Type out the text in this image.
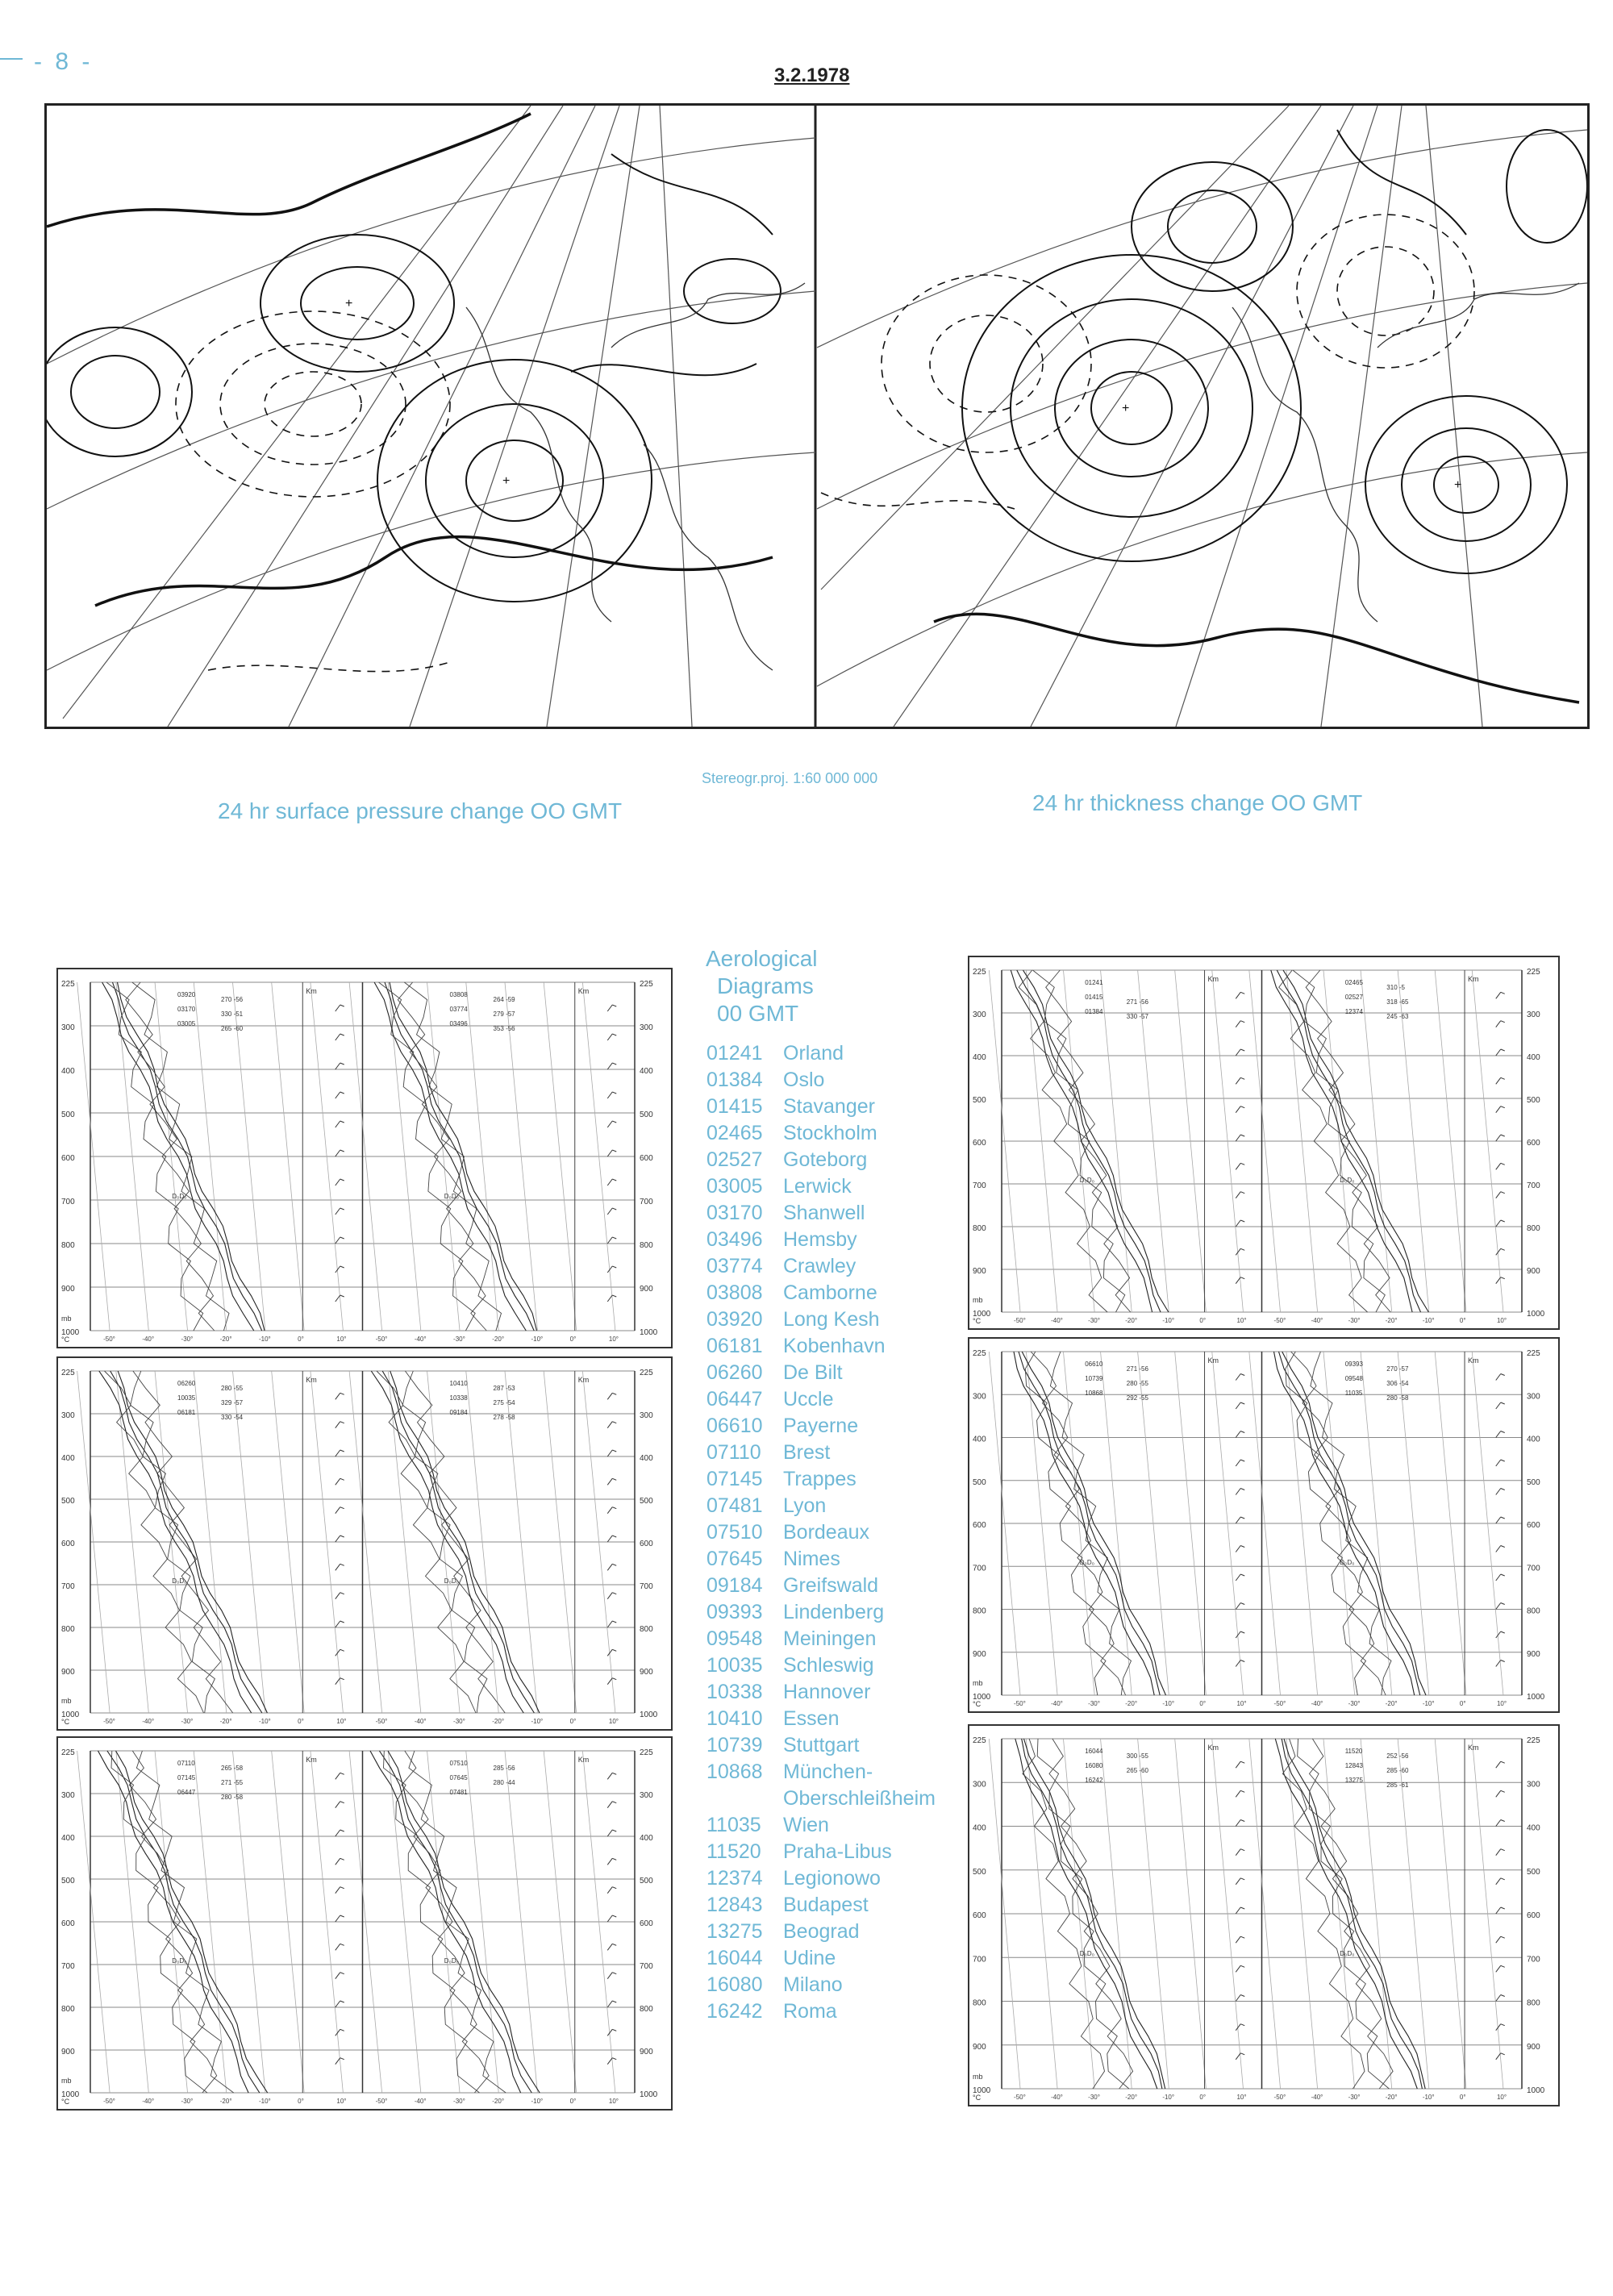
- 8 -
3.2.1978
+
+
+
+
24 hr surface pressure change OO GMT
Stereogr.proj. 1:60 000 000
24 hr thickness change OO GMT
225	225
300	300
400	400
500	500
600	600
700	700
800	800
900	900
1000	1000
-50°	-40°	-30°	-20°	-10°	0°	10°
Km
03920
270 -56
03170
330 -51
03005
265 -60
D₀D₀
-50°	-40°	-30°	-20°	-10°	0°	10°
Km
03808
264 -59
03774
279 -57
03496
353 -56
D₀D₀
mb
°C
225	225
300	300
400	400
500	500
600	600
700	700
800	800
900	900
1000	1000
-50°	-40°	-30°	-20°	-10°	0°	10°
Km
06260
280 -55
10035
329 -57
06181
330 -54
D₀D₀
-50°	-40°	-30°	-20°	-10°	0°	10°
Km
10410
287 -53
10338
275 -54
09184
278 -58
D₀D₀
mb
°C
225	225
300	300
400	400
500	500
600	600
700	700
800	800
900	900
1000	1000
-50°	-40°	-30°	-20°	-10°	0°	10°
Km
07110
265 -58
07145
271 -55
06447
280 -58
D₀D₀
-50°	-40°	-30°	-20°	-10°	0°	10°
Km
07510
285 -56
07645
280 -44
07481
D₀D₀
mb
°C
225	225
300	300
400	400
500	500
600	600
700	700
800	800
900	900
1000	1000
-50°	-40°	-30°	-20°	-10°	0°	10°
Km
01241
01415
271 -56
01384
330 -57
D₀D₀
-50°	-40°	-30°	-20°	-10°	0°	10°
Km
02465
310 -5
02527
318 -65
12374
245 -63
D₀D₀
mb
°C
225	225
300	300
400	400
500	500
600	600
700	700
800	800
900	900
1000	1000
-50°	-40°	-30°	-20°	-10°	0°	10°
Km
06610
271 -56
10739
280 -55
10868
292 -55
D₀D₀
-50°	-40°	-30°	-20°	-10°	0°	10°
Km
09393
270 -57
09548
306 -54
11035
280 -58
D₀D₀
mb
°C
225	225
300	300
400	400
500	500
600	600
700	700
800	800
900	900
1000	1000
-50°	-40°	-30°	-20°	-10°	0°	10°
Km
16044
300 -55
16080
265 -60
16242
D₀D₀
-50°	-40°	-30°	-20°	-10°	0°	10°
Km
11520
252 -56
12843
285 -60
13275
285 -61
D₀D₀
mb
°C
Aerological
Diagrams
00 GMT
01241 Orland
01384 Oslo
01415 Stavanger
02465 Stockholm
02527 Goteborg
03005 Lerwick
03170 Shanwell
03496 Hemsby
03774 Crawley
03808 Camborne
03920 Long Kesh
06181 Kobenhavn
06260 De Bilt
06447 Uccle
06610 Payerne
07110 Brest
07145 Trappes
07481 Lyon
07510 Bordeaux
07645 Nimes
09184 Greifswald
09393 Lindenberg
09548 Meiningen
10035 Schleswig
10338 Hannover
10410 Essen
10739 Stuttgart
10868 München-
Oberschleißheim
11035 Wien
11520 Praha-Libus
12374 Legionowo
12843 Budapest
13275 Beograd
16044 Udine
16080 Milano
16242 Roma
